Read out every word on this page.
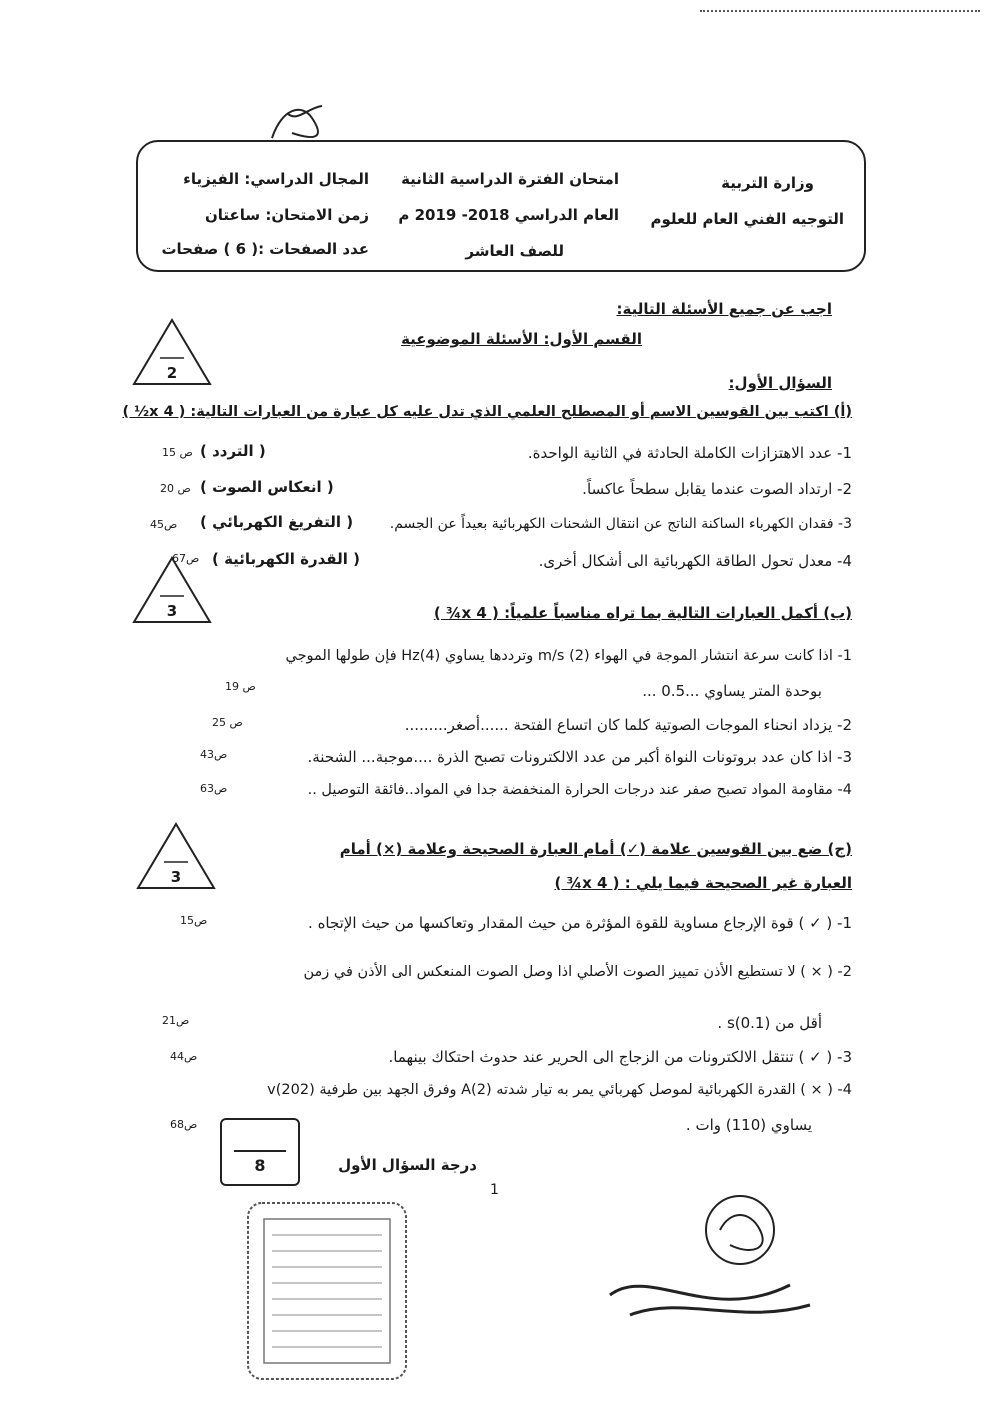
وزارة التربية
التوجيه الفني العام للعلوم
امتحان الفترة الدراسية الثانية
العام الدراسي 2018- 2019 م
للصف العاشر
المجال الدراسي: الفيزياء
زمن الامتحان: ساعتان
عدد الصفحات :( 6 ) صفحات
اجب عن جميع الأسئلة التالية:
القسم الأول: الأسئلة الموضوعية
السؤال الأول:
2
(أ) اكتب بين القوسين الاسم أو المصطلح العلمي الذي تدل عليه كل عبارة من العبارات التالية: ( 4 x½ )
1- عدد الاهتزازات الكاملة الحادثة في الثانية الواحدة.
( التردد )
ص 15
2- ارتداد الصوت عندما يقابل سطحاً عاكساً.
( انعكاس الصوت )
ص 20
3- فقدان الكهرباء الساكنة الناتج عن انتقال الشحنات الكهربائية بعيداً عن الجسم.
( التفريغ الكهربائي )
ص45
4- معدل تحول الطاقة الكهربائية الى أشكال أخرى.
( القدرة الكهربائية )
ص67
3	(ب) أكمل العبارات التالية بما تراه مناسباً علمياً: ( 4 x¾ )
1- اذا كانت سرعة انتشار الموجة في الهواء m/s (2) وترددها يساوي Hz(4) فإن طولها الموجي
بوحدة المتر يساوي ...0.5 ...
ص 19
2- يزداد انحناء الموجات الصوتية كلما كان اتساع الفتحة ......أصغر.........
ص 25
3- اذا كان عدد بروتونات النواة أكبر من عدد الالكترونات تصبح الذرة ....موجبة... الشحنة.
ص43
4- مقاومة المواد تصبح صفر عند درجات الحرارة المنخفضة جدا في المواد..فائقة التوصيل ..
ص63
3
(ج) ضع بين القوسين علامة (✓) أمام العبارة الصحيحة وعلامة (×) أمام
العبارة غير الصحيحة فيما يلي : ( 4 x¾ )
1- ( ✓ ) قوة الإرجاع مساوية للقوة المؤثرة من حيث المقدار وتعاكسها من حيث الإتجاه .
ص15
2- ( × ) لا تستطيع الأذن تمييز الصوت الأصلي اذا وصل الصوت المنعكس الى الأذن في زمن
أقل من s(0.1) .
ص21
3- ( ✓ ) تنتقل الالكترونات من الزجاج الى الحرير عند حدوث احتكاك بينهما.
ص44
4- ( × ) القدرة الكهربائية لموصل كهربائي يمر به تيار شدته A(2) وفرق الجهد بين طرفية v(202)
يساوي (110) وات .
ص68
درجة السؤال الأول
8
1
